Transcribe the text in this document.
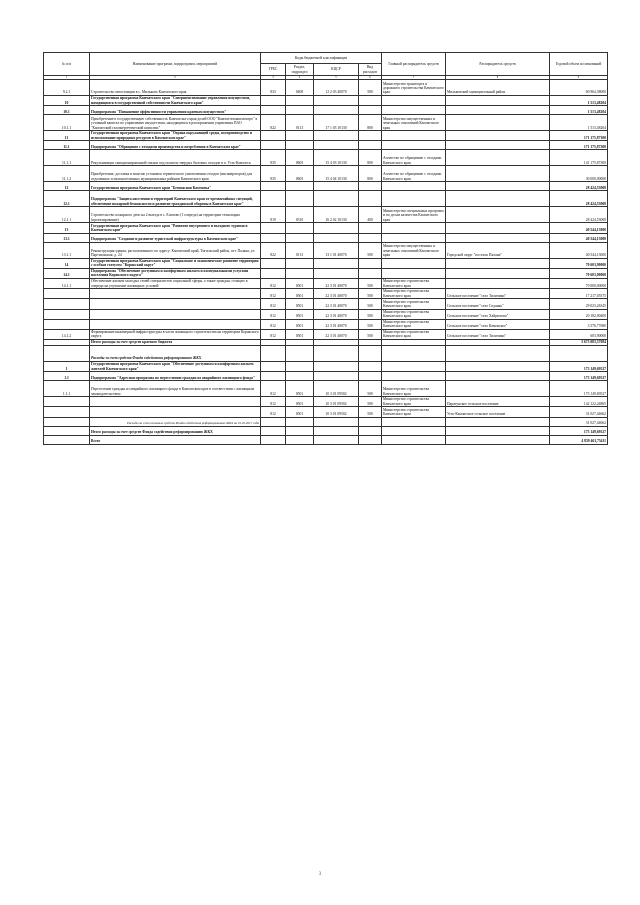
№ п/п	Наименование программ, подпрограмм, мероприятий	Коды бюджетной классификации				Главный распорядитель средств	Распорядитель средств	Годовой объем ассигнований
		ГРБС	Раздел, подраздел	КЦСР	Вид расходов			
1	2	3	4	5	6	7	8	9
9.2.1	Строительство автостанции в с. Мильково Камчатского края	833	0408	12 2 03 40070	500	Министерство транспорта и дорожного строительства Камчатского края	Мильковский муниципальный район	60 964,38000
10	Государственная программа Камчатского края "Совершенствование управления имуществом, находящимся в государственной собственности Камчатского края"							1 513,48204
10.1	Подпрограмма "Повышение эффективности управления краевым имуществом"							1 513,48204
10.1.1	Приобретение в государственную собственность Камчатского края долей ООО "Камчаттехмашэлектро" в уставный капитал по управлению имуществом, находящимся в распоряжении управления ПАО "Камчатский газоэнергетический комплекс"	822	0113	17 1 03 10130	800	Министерство имущественных и земельных отношений Камчатского края		1 513,48204
11	Государственная программа Камчатского края "Охрана окружающей среды, воспроизводство и использование природных ресурсов в Камчатском крае"							171 175,87300
11.1	Подпрограмма "Обращение с отходами производства и потребления в Камчатском крае"							171 175,87300
11.1.1	Рекультивация санкционированной свалки под полигон твердых бытовых отходов в п. Усть-Камчатск	835	0605	15 4 03 10130	800	Агентство по обращению с отходами Камчатского края		141 175,87300
11.1.2	Приобретение, доставка и монтаж установок термического уничтожения отходов (инсинераторов) для отдаленных и малонаселенных муниципальных районов Камчатского края	835	0605	15 4 04 10130	800	Агентство по обращению с отходами Камчатского края		30 000,00000
12	Государственная программа Камчатского края "Безопасная Камчатка"							28 424,53000
12.1	Подпрограмма "Защита населения и территорий Камчатского края от чрезвычайных ситуаций, обеспечение пожарной безопасности и развитие гражданской обороны в Камчатском крае"							28 424,53000
12.1.1	Строительство пожарного депо на 2 выезда в с. Елизово (1 очередь) на территории технопарка (проектирование)	819	0310	16 2 02 10130	400	Министерство специальных программ и по делам казачества Камчатского края		28 424,53000
13	Государственная программа Камчатского края "Развитие внутреннего и въездного туризма в Камчатском крае"							40 544,13000
13.1	Подпрограмма "Создание и развитие туристской инфраструктуры в Камчатском крае"							40 544,13000
13.1.1	Реконструкция здания, расположенного по адресу: Камчатский край, Тигильский район, пгт. Палана, ул. Партизанская, д. 24	822	0113	13 1 01 40070	500	Министерство имущественных и земельных отношений Камчатского края	Городской округ "поселок Палана"	40 544,13000
14	Государственная программа Камчатского края "Социальное и экономическое развитие территории с особым статусом "Корякский округ"							70 603,90000
14.1	Подпрограмма "Обеспечение доступным и комфортным жильем и коммунальными услугами населения Корякского округа"							70 603,90000
14.1.1	Обеспечение жильем молодых семей специалистов социальной сферы, а также граждан, стоящих в очереди на улучшение жилищных условий	812	0501	22 3 01 40070	500	Министерство строительства Камчатского края		70 000,00000
		812	0501	22 3 01 40070	500	Министерство строительства Камчатского края	Сельское поселение "село Тиличики"	17 217,05575
		812	0501	22 3 01 40070	500	Министерство строительства Камчатского края	Сельское поселение "село Седанка"	29 023,26345
		812	0501	22 3 01 40070	500	Министерство строительства Камчатского края	Сельское поселение "село Хайрюзово"	20 182,90400
		812	0501	22 3 01 40070	500	Министерство строительства Камчатского края	Сельское поселение "село Каменское"	3 576,77680
14.1.2	Формирование инженерной инфраструктуры в части жилищного строительства на территории Корякского округа	812	0501	22 3 01 40070	500	Министерство строительства Камчатского края	Сельское поселение "село Тиличики"	603,90000
	Итого расходы за счет средств краевого бюджета							3 673 083,37084
	Расходы за счет средств Фонда содействия реформированию ЖКХ							
1	Государственная программа Камчатского края "Обеспечение доступным и комфортным жильем жителей Камчатского края"							173 149,69527
1.1	Подпрограмма "Адресная программа по переселению граждан из аварийного жилищного фонда"							173 149,69527
1.1.1	Переселение граждан из аварийного жилищного фонда в Камчатском крае в соответствии с жилищным законодательством	812	0501	10 3 01 09502	500	Министерство строительства Камчатского края		173 149,69527
		812	0501	10 3 01 09502	500	Министерство строительства Камчатского края	Паратунское сельское поселение	142 122,24865
		812	0501	10 3 01 09502	500	Министерство строительства Камчатского края	Усть-Камчатское сельское поселение	31 027,44662
	Расходы за счет основных средств Фонда содействия реформированию ЖКХ на 01.01.2017 года							31 027,44662
	Итого расходы за счет средств Фонда содействия реформированию ЖКХ							173 149,69527
	Всего							4 839 463,75411
3
